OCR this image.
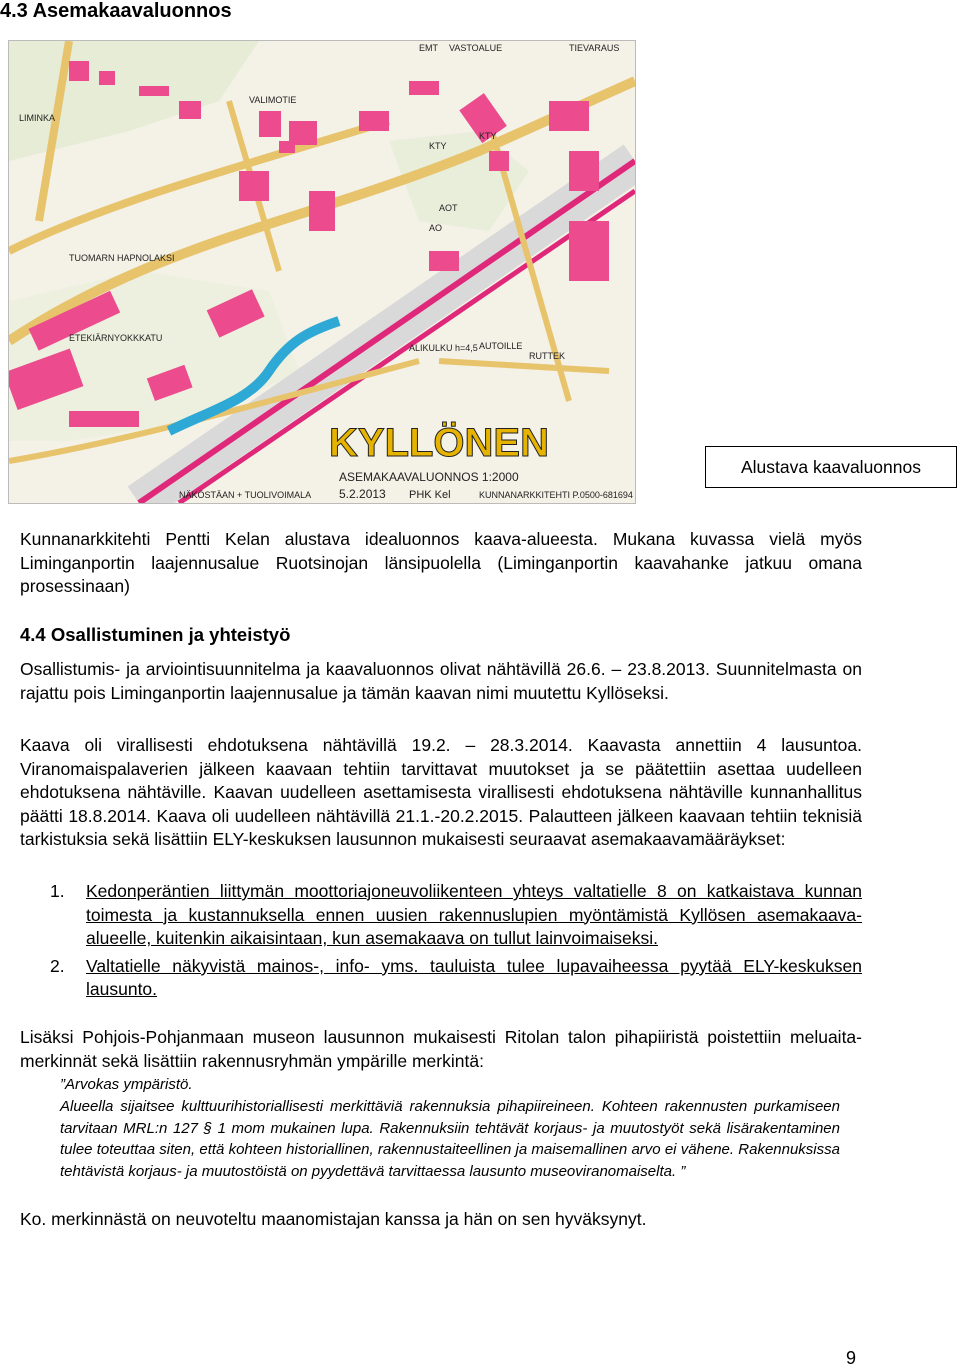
4.3 Asemakaavaluonnos
KYLLÖNEN
ASEMAKAAVALUONNOS 1:2000
5.2.2013 PHK Kel	KUNNANARKKITEHTI P.0500-681694
NÄKÖSTÄAN + TUOLIVOIMALA
EMT VASTOALUE	TIEVARAUS
VALIMOTIE
KTY
KTY
AOT
AO
LIMINKA
ALIKULKU h=4,5 AUTOILLE
RUTTEK
ETEKIÄRNYOKKKATU
TUOMARN HAPNOLAKSI
Alustava kaavaluonnos
Kunnanarkkitehti Pentti Kelan alustava idealuonnos kaava-alueesta. Mukana kuvassa vielä myös Liminganportin laajennusalue Ruotsinojan länsipuolella (Liminganportin kaavahanke jatkuu omana prosessinaan)
4.4 Osallistuminen ja yhteistyö
Osallistumis- ja arviointisuunnitelma ja kaavaluonnos olivat nähtävillä 26.6. – 23.8.2013. Suunnitelmasta on rajattu pois Liminganportin laajennusalue ja tämän kaavan nimi muutettu Kyllöseksi.
Kaava oli virallisesti ehdotuksena nähtävillä 19.2. – 28.3.2014. Kaavasta annettiin 4 lausuntoa. Viranomaispalaverien jälkeen kaavaan tehtiin tarvittavat muutokset ja se päätettiin asettaa uudelleen ehdotuksena nähtäville. Kaavan uudelleen asettamisesta virallisesti ehdotuksena nähtäville kunnanhallitus päätti 18.8.2014. Kaava oli uudelleen nähtävillä 21.1.-20.2.2015. Palautteen jälkeen kaavaan tehtiin teknisiä tarkistuksia sekä lisättiin ELY-keskuksen lausunnon mukaisesti seuraavat asemakaavamääräykset:
1. Kedonperäntien liittymän moottoriajoneuvoliikenteen yhteys valtatielle 8 on katkaistava kunnan toimesta ja kustannuksella ennen uusien rakennuslupien myöntämistä Kyllösen asemakaava-alueelle, kuitenkin aikaisintaan, kun asemakaava on tullut lainvoimaiseksi.
2. Valtatielle näkyvistä mainos-, info- yms. tauluista tulee lupavaiheessa pyytää ELY-keskuksen lausunto.
Lisäksi Pohjois-Pohjanmaan museon lausunnon mukaisesti Ritolan talon pihapiiristä poistettiin meluaita-merkinnät sekä lisättiin rakennusryhmän ympärille merkintä:
”Arvokas ympäristö.
Alueella sijaitsee kulttuurihistoriallisesti merkittäviä rakennuksia pihapiireineen. Kohteen rakennusten purkamiseen tarvitaan MRL:n 127 § 1 mom mukainen lupa. Rakennuksiin tehtävät korjaus- ja muutostyöt sekä lisärakentaminen tulee toteuttaa siten, että kohteen historiallinen, rakennustaiteellinen ja maisemallinen arvo ei vähene. Rakennuksissa tehtävistä korjaus- ja muutostöistä on pyydettävä tarvittaessa lausunto museoviranomaiselta. ”
Ko. merkinnästä on neuvoteltu maanomistajan kanssa ja hän on sen hyväksynyt.
9
